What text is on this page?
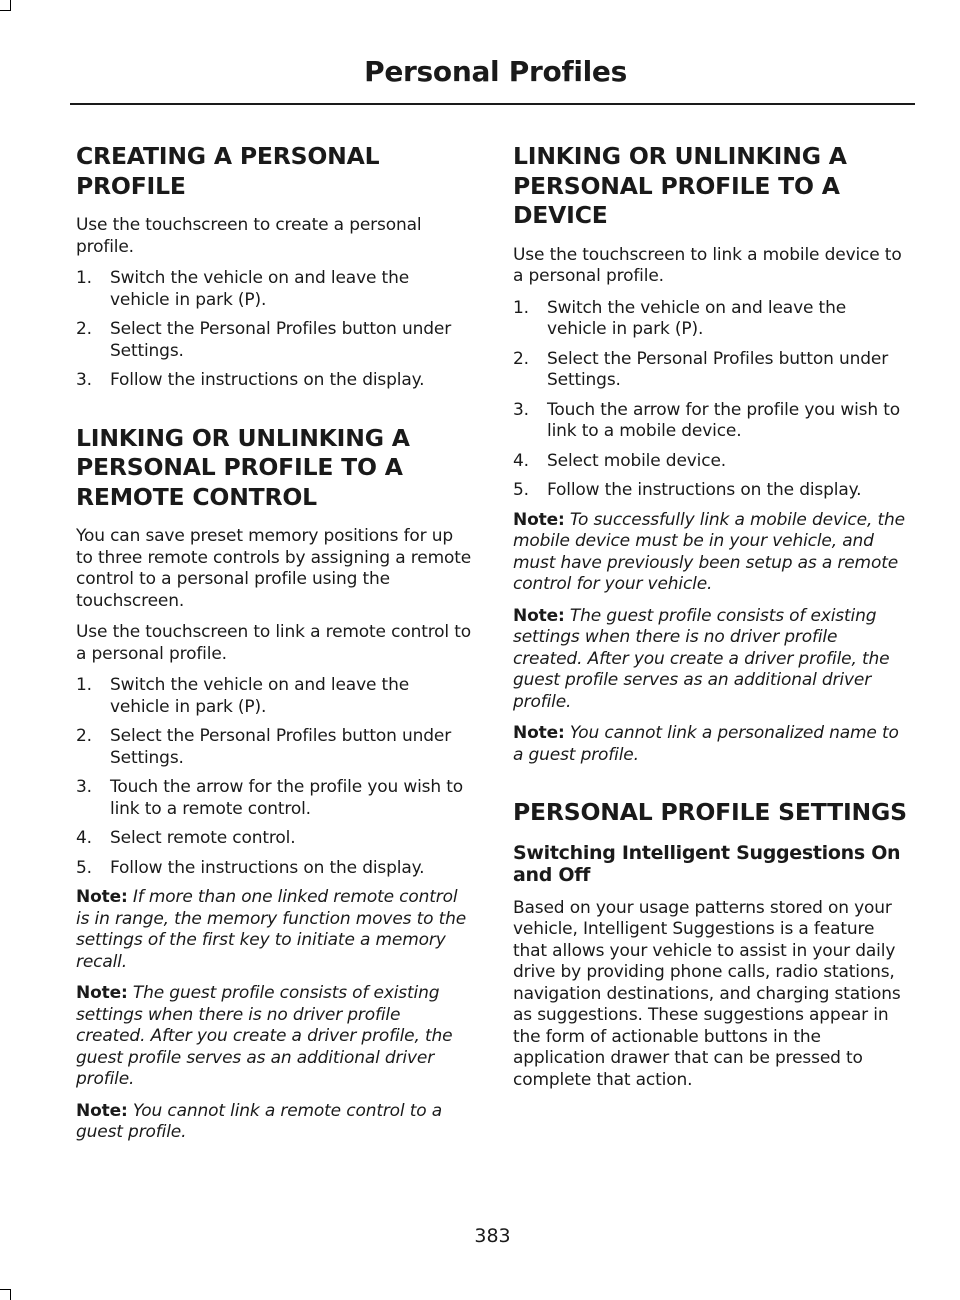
Personal Profiles
CREATING A PERSONAL PROFILE

Use the touchscreen to create a personal profile.

1. Switch the vehicle on and leave the vehicle in park (P).
2. Select the Personal Profiles button under Settings.
3. Follow the instructions on the display.
LINKING OR UNLINKING A PERSONAL PROFILE TO A REMOTE CONTROL

You can save preset memory positions for up to three remote controls by assigning a remote control to a personal profile using the touchscreen.

Use the touchscreen to link a remote control to a personal profile.

1. Switch the vehicle on and leave the vehicle in park (P).
2. Select the Personal Profiles button under Settings.
3. Touch the arrow for the profile you wish to link to a remote control.
4. Select remote control.
5. Follow the instructions on the display.

Note: If more than one linked remote control is in range, the memory function moves to the settings of the first key to initiate a memory recall.

Note: The guest profile consists of existing settings when there is no driver profile created. After you create a driver profile, the guest profile serves as an additional driver profile.

Note: You cannot link a remote control to a guest profile.

LINKING OR UNLINKING A PERSONAL PROFILE TO A DEVICE

Use the touchscreen to link a mobile device to a personal profile.

1. Switch the vehicle on and leave the vehicle in park (P).
2. Select the Personal Profiles button under Settings.
3. Touch the arrow for the profile you wish to link to a mobile device.
4. Select mobile device.
5. Follow the instructions on the display.

Note: To successfully link a mobile device, the mobile device must be in your vehicle, and must have previously been setup as a remote control for your vehicle.

Note: The guest profile consists of existing settings when there is no driver profile created. After you create a driver profile, the guest profile serves as an additional driver profile.

Note: You cannot link a personalized name to a guest profile.

PERSONAL PROFILE SETTINGS
Switching Intelligent Suggestions On and Off

Based on your usage patterns stored on your vehicle, Intelligent Suggestions is a feature that allows your vehicle to assist in your daily drive by providing phone calls, radio stations, navigation destinations, and charging stations as suggestions. These suggestions appear in the form of actionable buttons in the application drawer that can be pressed to complete that action.

383
